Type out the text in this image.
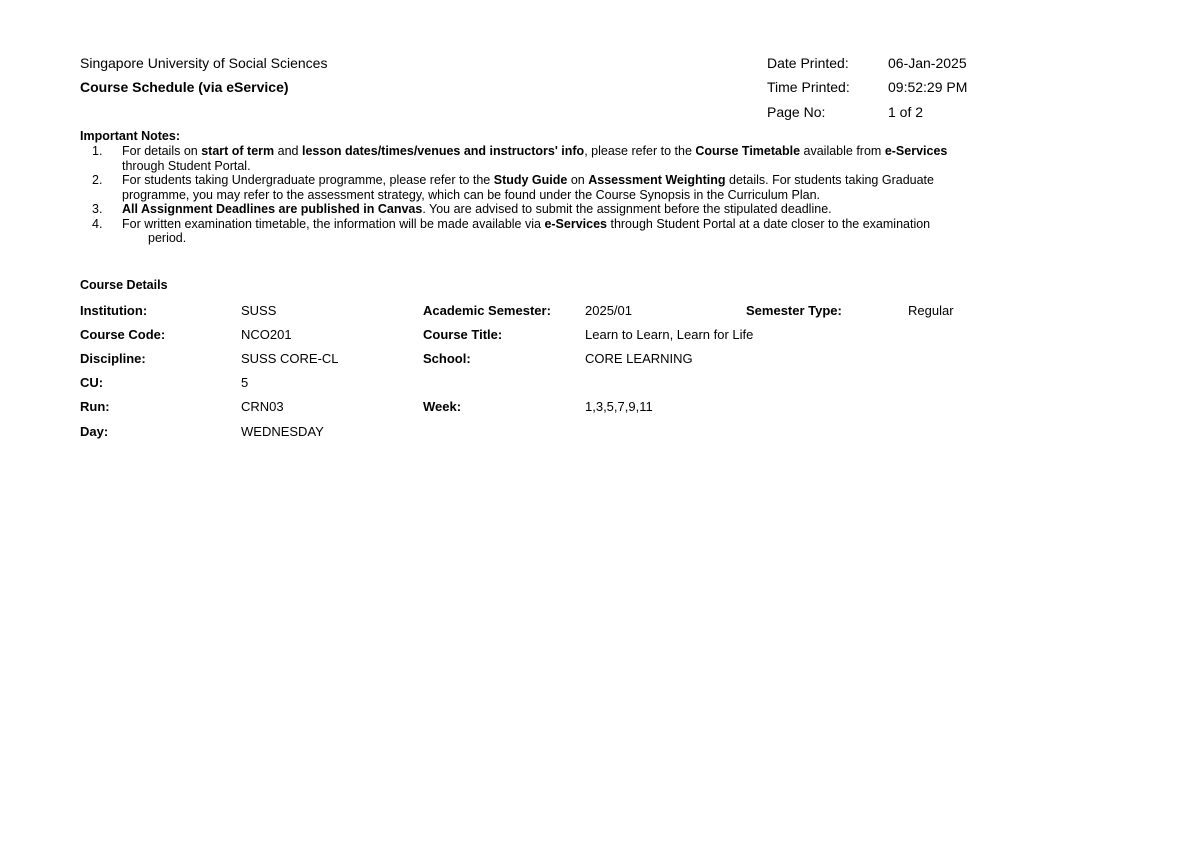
Singapore University of Social Sciences
Course Schedule (via eService)
Date Printed:	06-Jan-2025
Time Printed:	09:52:29 PM
Page No:	1 of 2
Important Notes:
1. For details on start of term and lesson dates/times/venues and instructors' info, please refer to the Course Timetable available from e-Services
through Student Portal.
2. For students taking Undergraduate programme, please refer to the Study Guide on Assessment Weighting details. For students taking Graduate
programme, you may refer to the assessment strategy, which can be found under the Course Synopsis in the Curriculum Plan.
3. All Assignment Deadlines are published in Canvas. You are advised to submit the assignment before the stipulated deadline.
4. For written examination timetable, the information will be made available via e-Services through Student Portal at a date closer to the examination
period.
Course Details
Institution:	SUSS	Academic Semester:	2025/01	Semester Type:	Regular
Course Code:	NCO201	Course Title:	Learn to Learn, Learn for Life
Discipline:	SUSS CORE-CL	School:	CORE LEARNING
CU:	5
Run:	CRN03	Week:	1,3,5,7,9,11
Day:	WEDNESDAY
